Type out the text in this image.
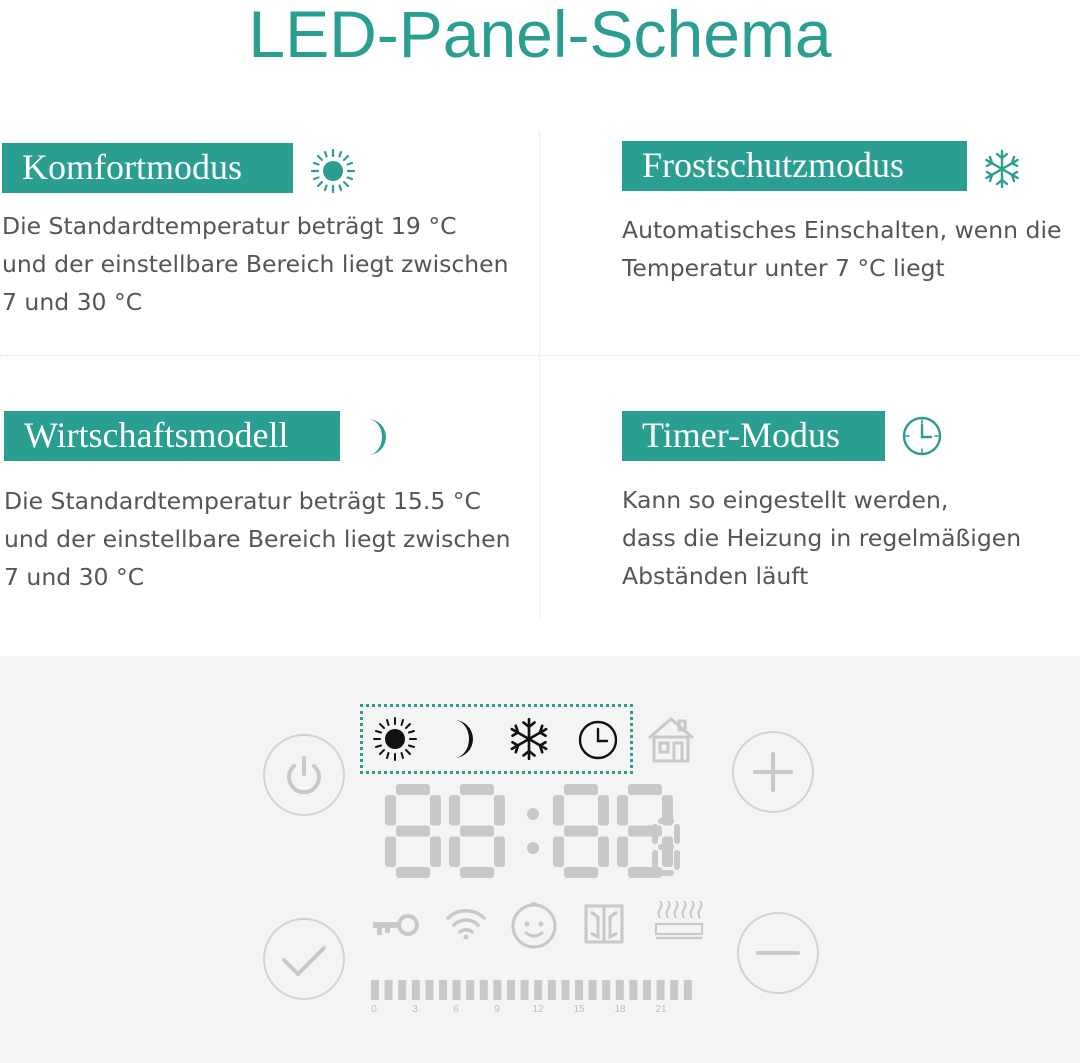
LED-Panel-Schema
Komfortmodus
Die Standardtemperatur beträgt 19 °C
und der einstellbare Bereich liegt zwischen
7 und 30 °C
Frostschutzmodus
Automatisches Einschalten, wenn die
Temperatur unter 7 °C liegt
Wirtschaftsmodell
Die Standardtemperatur beträgt 15.5 °C
und der einstellbare Bereich liegt zwischen
7 und 30 °C
Timer-Modus
Kann so eingestellt werden,
dass die Heizung in regelmäßigen
Abständen läuft
0	3	6	9	12	15	18	21
